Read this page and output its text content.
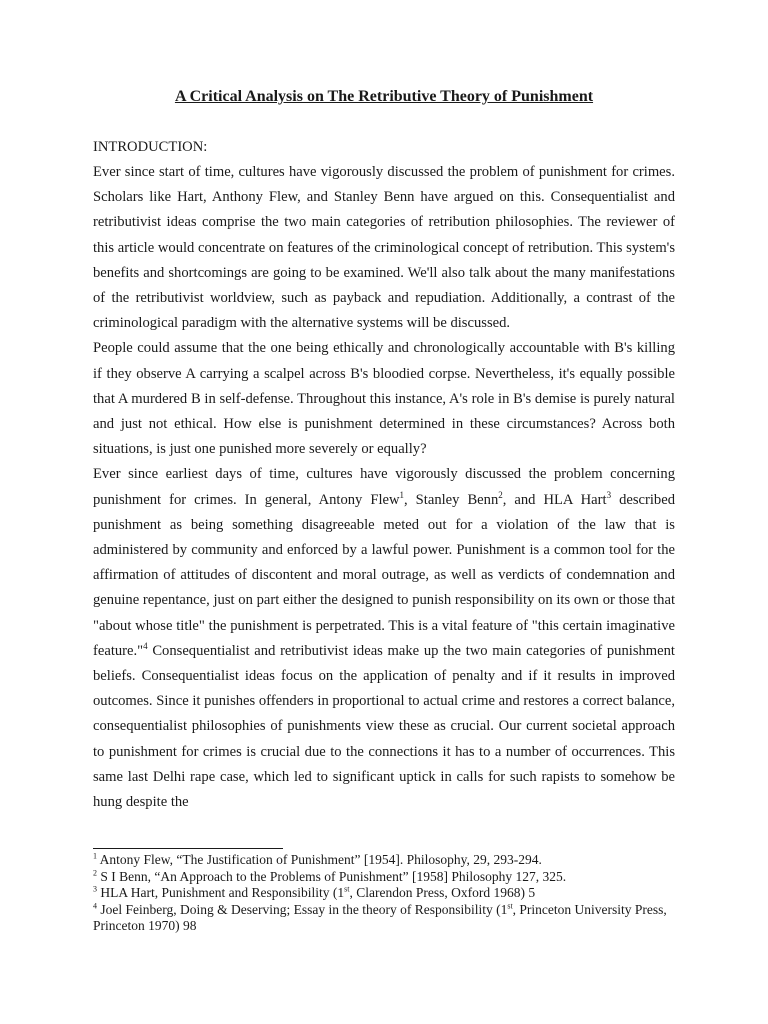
A Critical Analysis on The Retributive Theory of Punishment

INTRODUCTION:

Ever since start of time, cultures have vigorously discussed the problem of punishment for crimes. Scholars like Hart, Anthony Flew, and Stanley Benn have argued on this. Consequentialist and retributivist ideas comprise the two main categories of retribution philosophies. The reviewer of this article would concentrate on features of the criminological concept of retribution. This system's benefits and shortcomings are going to be examined. We'll also talk about the many manifestations of the retributivist worldview, such as payback and repudiation. Additionally, a contrast of the criminological paradigm with the alternative systems will be discussed.

People could assume that the one being ethically and chronologically accountable with B's killing if they observe A carrying a scalpel across B's bloodied corpse. Nevertheless, it's equally possible that A murdered B in self-defense. Throughout this instance, A's role in B's demise is purely natural and just not ethical. How else is punishment determined in these circumstances? Across both situations, is just one punished more severely or equally?

Ever since earliest days of time, cultures have vigorously discussed the problem concerning punishment for crimes. In general, Antony Flew$^1$, Stanley Benn$^2$, and HLA Hart$^3$ described punishment as being something disagreeable meted out for a violation of the law that is administered by community and enforced by a lawful power. Punishment is a common tool for the affirmation of attitudes of discontent and moral outrage, as well as verdicts of condemnation and genuine repentance, just on part either the designed to punish responsibility on its own or those that "about whose title" the punishment is perpetrated. This is a vital feature of "this certain imaginative feature."$^4$ Consequentialist and retributivist ideas make up the two main categories of punishment beliefs. Consequentialist ideas focus on the application of penalty and if it results in improved outcomes. Since it punishes offenders in proportional to actual crime and restores a correct balance, consequentialist philosophies of punishments view these as crucial. Our current societal approach to punishment for crimes is crucial due to the connections it has to a number of occurrences. This same last Delhi rape case, which led to significant uptick in calls for such rapists to somehow be hung despite the

$^1$ Antony Flew, “The Justification of Punishment” [1954]. Philosophy, 29, 293-294.

$^2$ S I Benn, “An Approach to the Problems of Punishment” [1958] Philosophy 127, 325.

$^3$ HLA Hart, Punishment and Responsibility (1st, Clarendon Press, Oxford 1968) 5

$^4$ Joel Feinberg, Doing & Deserving; Essay in the theory of Responsibility (1st, Princeton University Press, Princeton 1970) 98
